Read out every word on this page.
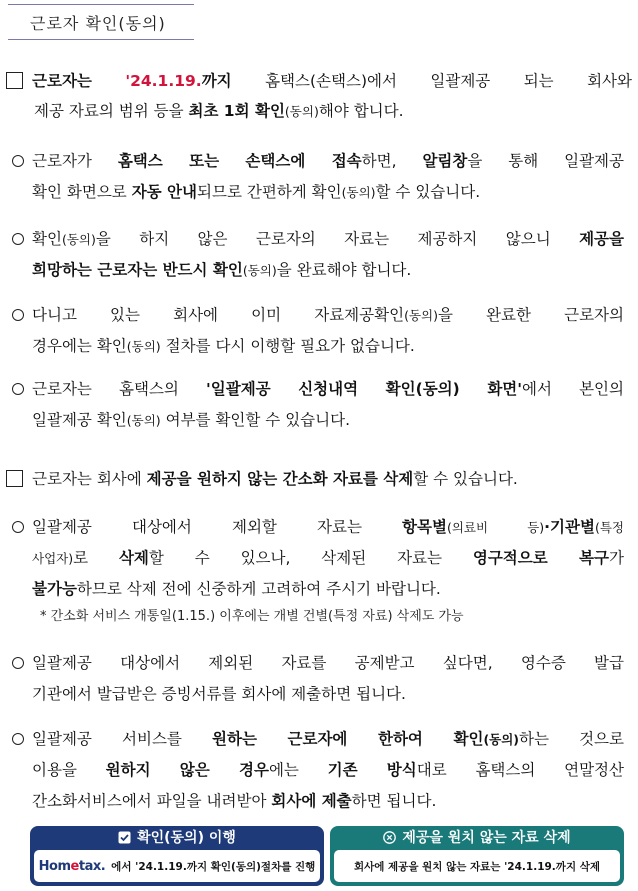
근로자 확인(동의)
근로자는 '24.1.19.까지 홈택스(손택스)에서 일괄제공 되는 회사와
제공 자료의 범위 등을 최초 1회 확인(동의)해야 합니다.
근로자가 홈택스 또는 손택스에 접속하면, 알림창을 통해 일괄제공
확인 화면으로 자동 안내되므로 간편하게 확인(동의)할 수 있습니다.
확인(동의)을 하지 않은 근로자의 자료는 제공하지 않으니 제공을
희망하는 근로자는 반드시 확인(동의)을 완료해야 합니다.
다니고 있는 회사에 이미 자료제공확인(동의)을 완료한 근로자의
경우에는 확인(동의) 절차를 다시 이행할 필요가 없습니다.
근로자는 홈택스의 '일괄제공 신청내역 확인(동의) 화면'에서 본인의
일괄제공 확인(동의) 여부를 확인할 수 있습니다.
근로자는 회사에 제공을 원하지 않는 간소화 자료를 삭제할 수 있습니다.
일괄제공 대상에서 제외할 자료는 항목별(의료비 등)·기관별(특정
사업자)로 삭제할 수 있으나, 삭제된 자료는 영구적으로 복구가
불가능하므로 삭제 전에 신중하게 고려하여 주시기 바랍니다.
* 간소화 서비스 개통일(1.15.) 이후에는 개별 건별(특정 자료) 삭제도 가능
일괄제공 대상에서 제외된 자료를 공제받고 싶다면, 영수증 발급
기관에서 발급받은 증빙서류를 회사에 제출하면 됩니다.
일괄제공 서비스를 원하는 근로자에 한하여 확인(동의)하는 것으로
이용을 원하지 않은 경우에는 기존 방식대로 홈택스의 연말정산
간소화서비스에서 파일을 내려받아 회사에 제출하면 됩니다.
확인(동의) 이행
Hometax. 에서 '24.1.19.까지 확인(동의)절차를 진행
제공을 원치 않는 자료 삭제
회사에 제공을 원치 않는 자료는 '24.1.19.까지 삭제
